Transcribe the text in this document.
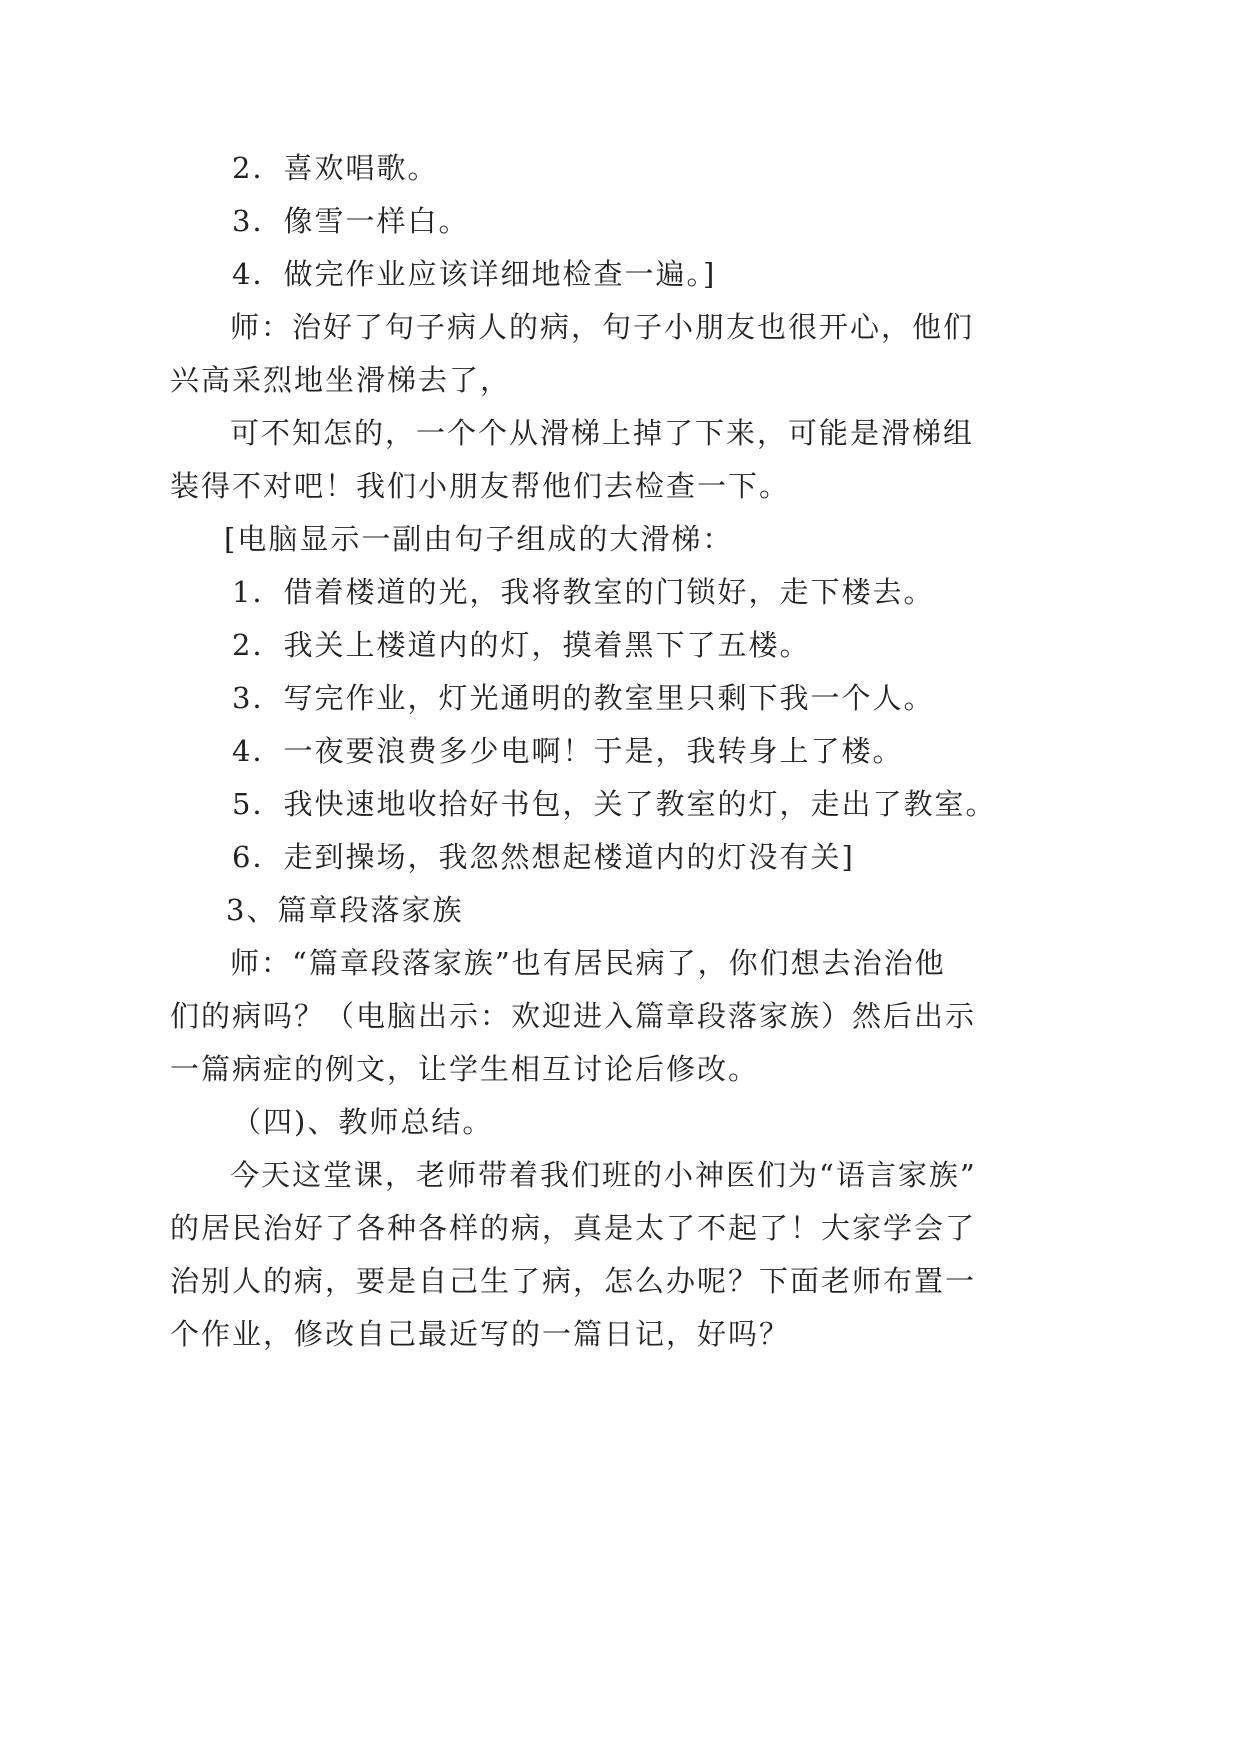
2．喜欢唱歌。

3．像雪一样白。

4．做完作业应该详细地检查一遍。]

师：治好了句子病人的病，句子小朋友也很开心，他们

兴高采烈地坐滑梯去了，

可不知怎的，一个个从滑梯上掉了下来，可能是滑梯组

装得不对吧！我们小朋友帮他们去检查一下。

[电脑显示一副由句子组成的大滑梯：

1．借着楼道的光，我将教室的门锁好，走下楼去。

2．我关上楼道内的灯，摸着黑下了五楼。

3．写完作业，灯光通明的教室里只剩下我一个人。

4．一夜要浪费多少电啊！于是，我转身上了楼。

5．我快速地收拾好书包，关了教室的灯，走出了教室。

6．走到操场，我忽然想起楼道内的灯没有关]

3、篇章段落家族

师：“篇章段落家族”也有居民病了，你们想去治治他

们的病吗？（电脑出示：欢迎进入篇章段落家族）然后出示

一篇病症的例文，让学生相互讨论后修改。

（四)、教师总结。

今天这堂课，老师带着我们班的小神医们为“语言家族”

的居民治好了各种各样的病，真是太了不起了！大家学会了

治别人的病，要是自己生了病，怎么办呢？下面老师布置一

个作业，修改自己最近写的一篇日记，好吗？
